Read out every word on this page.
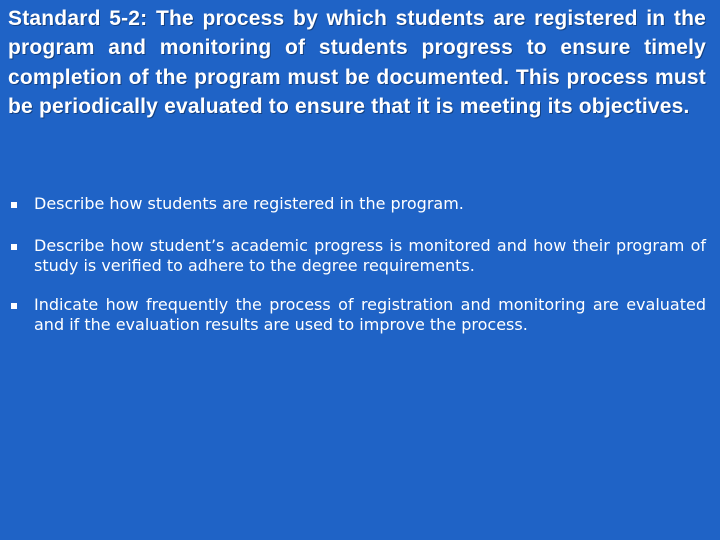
Standard 5-2: The process by which students are registered in the program and monitoring of students progress to ensure timely completion of the program must be documented. This process must be periodically evaluated to ensure that it is meeting its objectives.
Describe how students are registered in the program.
Describe how student’s academic progress is monitored and how their program of study is verified to adhere to the degree requirements.
Indicate how frequently the process of registration and monitoring are evaluated and if the evaluation results are used to improve the process.
